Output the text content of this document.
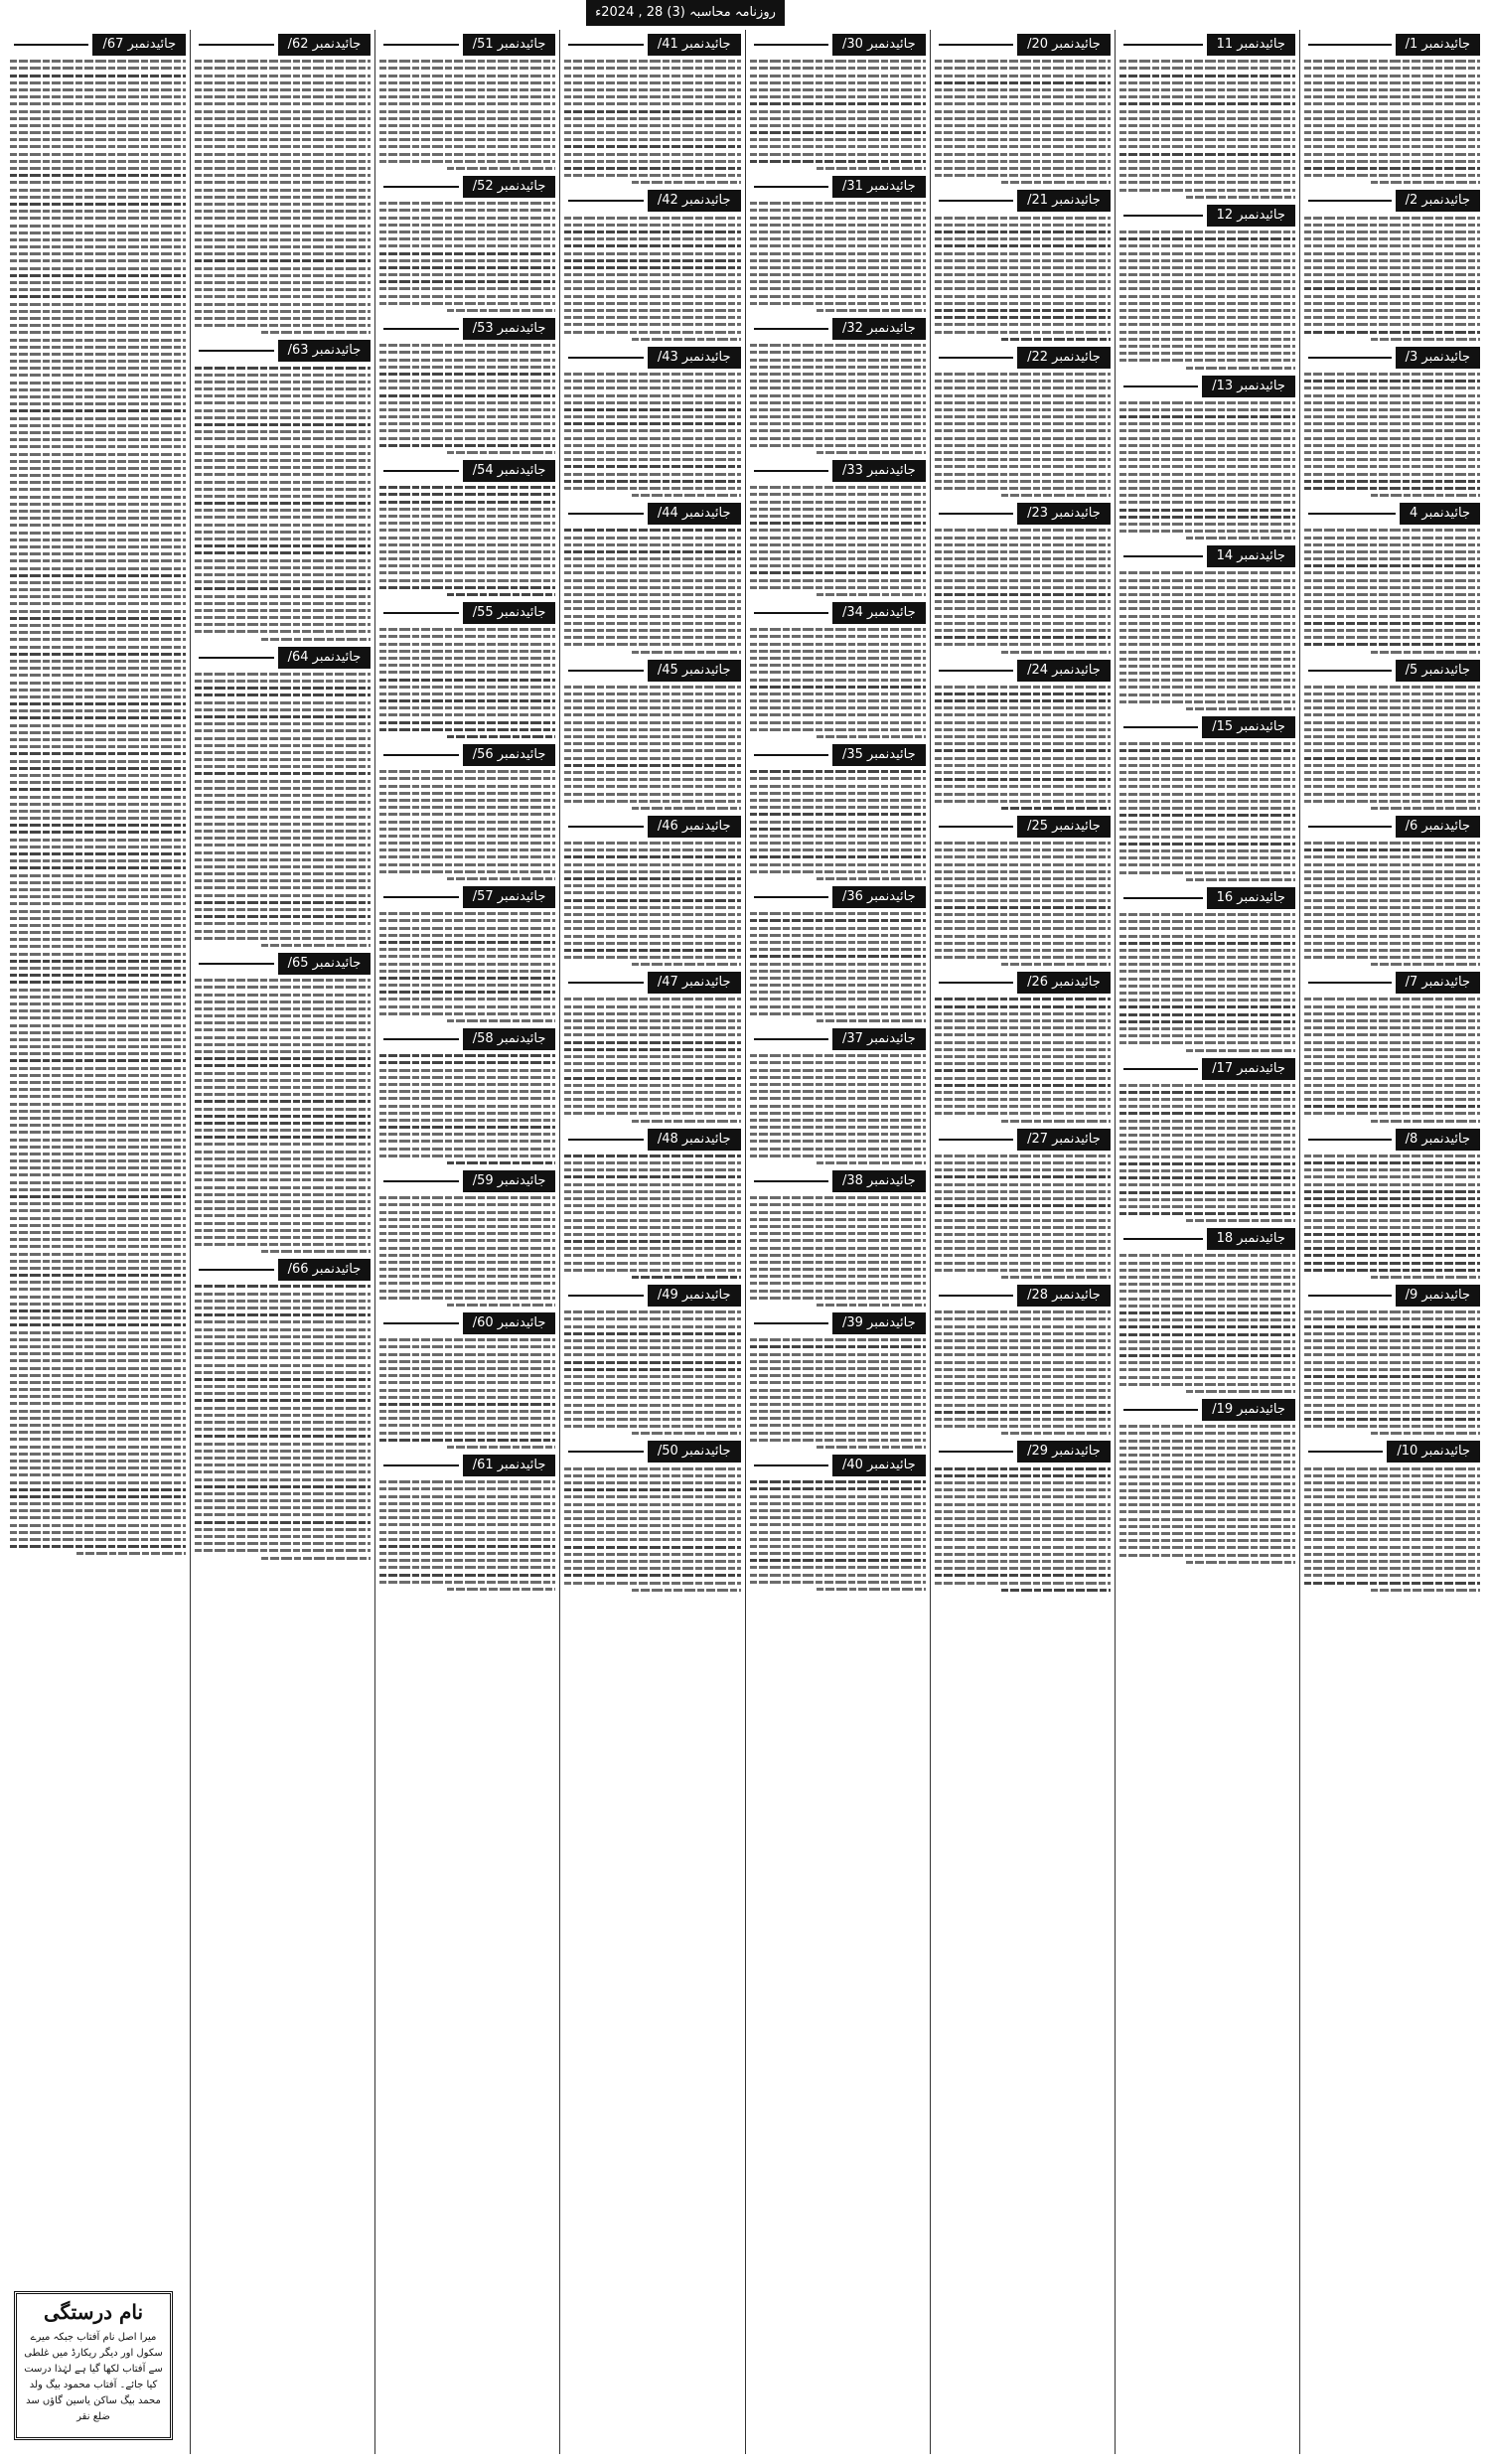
روزنامہ محاسبہ (3) 28 , 2024ء
جائیدنمبر 1/
جائیدنمبر 2/
جائیدنمبر 3/
جائیدنمبر 4
جائیدنمبر 5/
جائیدنمبر 6/
جائیدنمبر 7/
جائیدنمبر 8/
جائیدنمبر 9/
جائیدنمبر 10/
جائیدنمبر 11
جائیدنمبر 12
جائیدنمبر 13/
جائیدنمبر 14
جائیدنمبر 15/
جائیدنمبر 16
جائیدنمبر 17/
جائیدنمبر 18
جائیدنمبر 19/
جائیدنمبر 20/
جائیدنمبر 21/
جائیدنمبر 22/
جائیدنمبر 23/
جائیدنمبر 24/
جائیدنمبر 25/
جائیدنمبر 26/
جائیدنمبر 27/
جائیدنمبر 28/
جائیدنمبر 29/
جائیدنمبر 30/
جائیدنمبر 31/
جائیدنمبر 32/
جائیدنمبر 33/
جائیدنمبر 34/
جائیدنمبر 35/
جائیدنمبر 36/
جائیدنمبر 37/
جائیدنمبر 38/
جائیدنمبر 39/
جائیدنمبر 40/
جائیدنمبر 41/
جائیدنمبر 42/
جائیدنمبر 43/
جائیدنمبر 44/
جائیدنمبر 45/
جائیدنمبر 46/
جائیدنمبر 47/
جائیدنمبر 48/
جائیدنمبر 49/
جائیدنمبر 50/
جائیدنمبر 51/
جائیدنمبر 52/
جائیدنمبر 53/
جائیدنمبر 54/
جائیدنمبر 55/
جائیدنمبر 56/
جائیدنمبر 57/
جائیدنمبر 58/
جائیدنمبر 59/
جائیدنمبر 60/
جائیدنمبر 61/
جائیدنمبر 62/
جائیدنمبر 63/
جائیدنمبر 64/
جائیدنمبر 65/
جائیدنمبر 66/
جائیدنمبر 67/
نام درستگی

میرا اصل نام آفتاب جبکہ میرے سکول اور دیگر ریکارڈ میں غلطی سے آفتاب لکھا گیا ہے لہٰذا درست کیا جائے۔ آفتاب محمود بیگ ولد محمد بیگ ساکن یاسین گاؤں سد ضلع نقر
